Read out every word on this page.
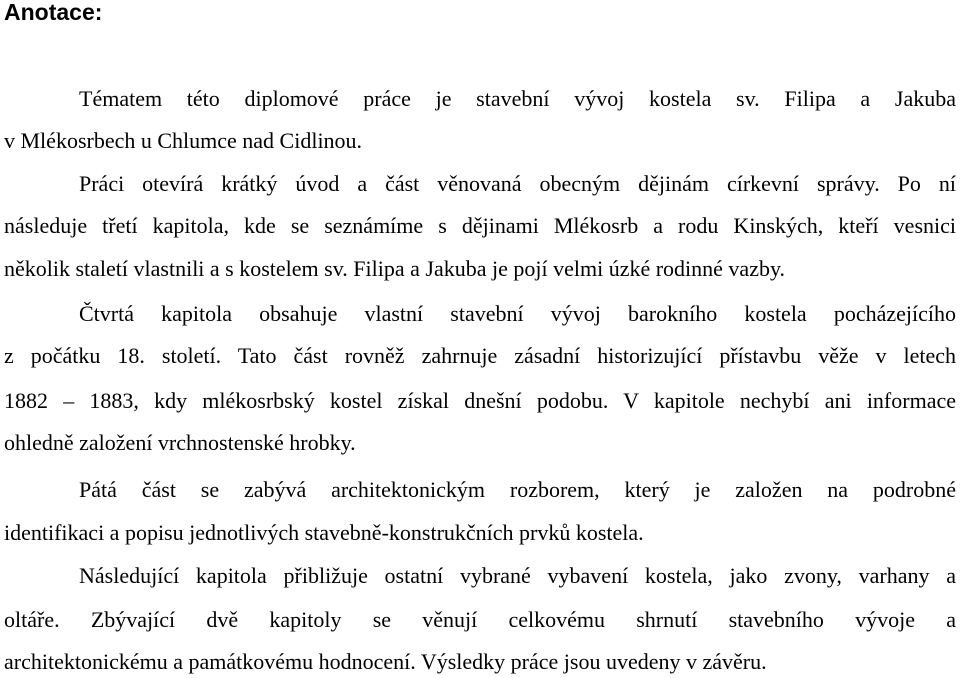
Anotace:

Tématem této diplomové práce je stavební vývoj kostela sv. Filipa a Jakuba

v Mlékosrbech u Chlumce nad Cidlinou.

Práci otevírá krátký úvod a část věnovaná obecným dějinám církevní správy. Po ní

následuje třetí kapitola, kde se seznámíme s dějinami Mlékosrb a rodu Kinských, kteří vesnici

několik staletí vlastnili a s kostelem sv. Filipa a Jakuba je pojí velmi úzké rodinné vazby.

Čtvrtá kapitola obsahuje vlastní stavební vývoj barokního kostela pocházejícího

z počátku 18. století. Tato část rovněž zahrnuje zásadní historizující přístavbu věže v letech

1882 – 1883, kdy mlékosrbský kostel získal dnešní podobu. V kapitole nechybí ani informace

ohledně založení vrchnostenské hrobky.

Pátá část se zabývá architektonickým rozborem, který je založen na podrobné

identifikaci a popisu jednotlivých stavebně-konstrukčních prvků kostela.

Následující kapitola přibližuje ostatní vybrané vybavení kostela, jako zvony, varhany a

oltáře. Zbývající dvě kapitoly se věnují celkovému shrnutí stavebního vývoje a

architektonickému a památkovému hodnocení. Výsledky práce jsou uvedeny v závěru.
